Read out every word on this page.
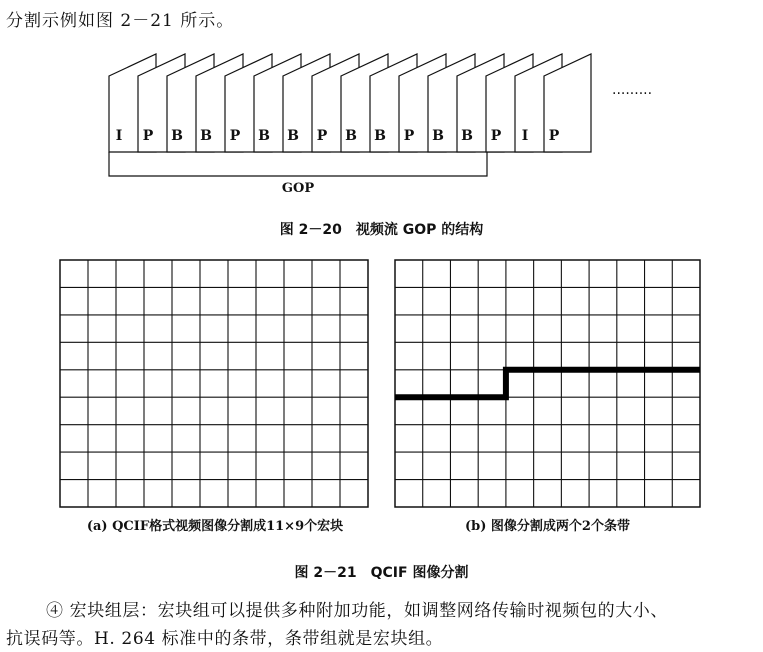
分割示例如图 2－21 所示。
I P B B P B B P B B P B B P I P
·········
GOP
图 2－20　视频流 GOP 的结构
(a) QCIF格式视频图像分割成11×9个宏块	(b) 图像分割成两个2个条带
图 2－21　QCIF 图像分割
④ 宏块组层：宏块组可以提供多种附加功能，如调整网络传输时视频包的大小、
抗误码等。H. 264 标准中的条带，条带组就是宏块组。
